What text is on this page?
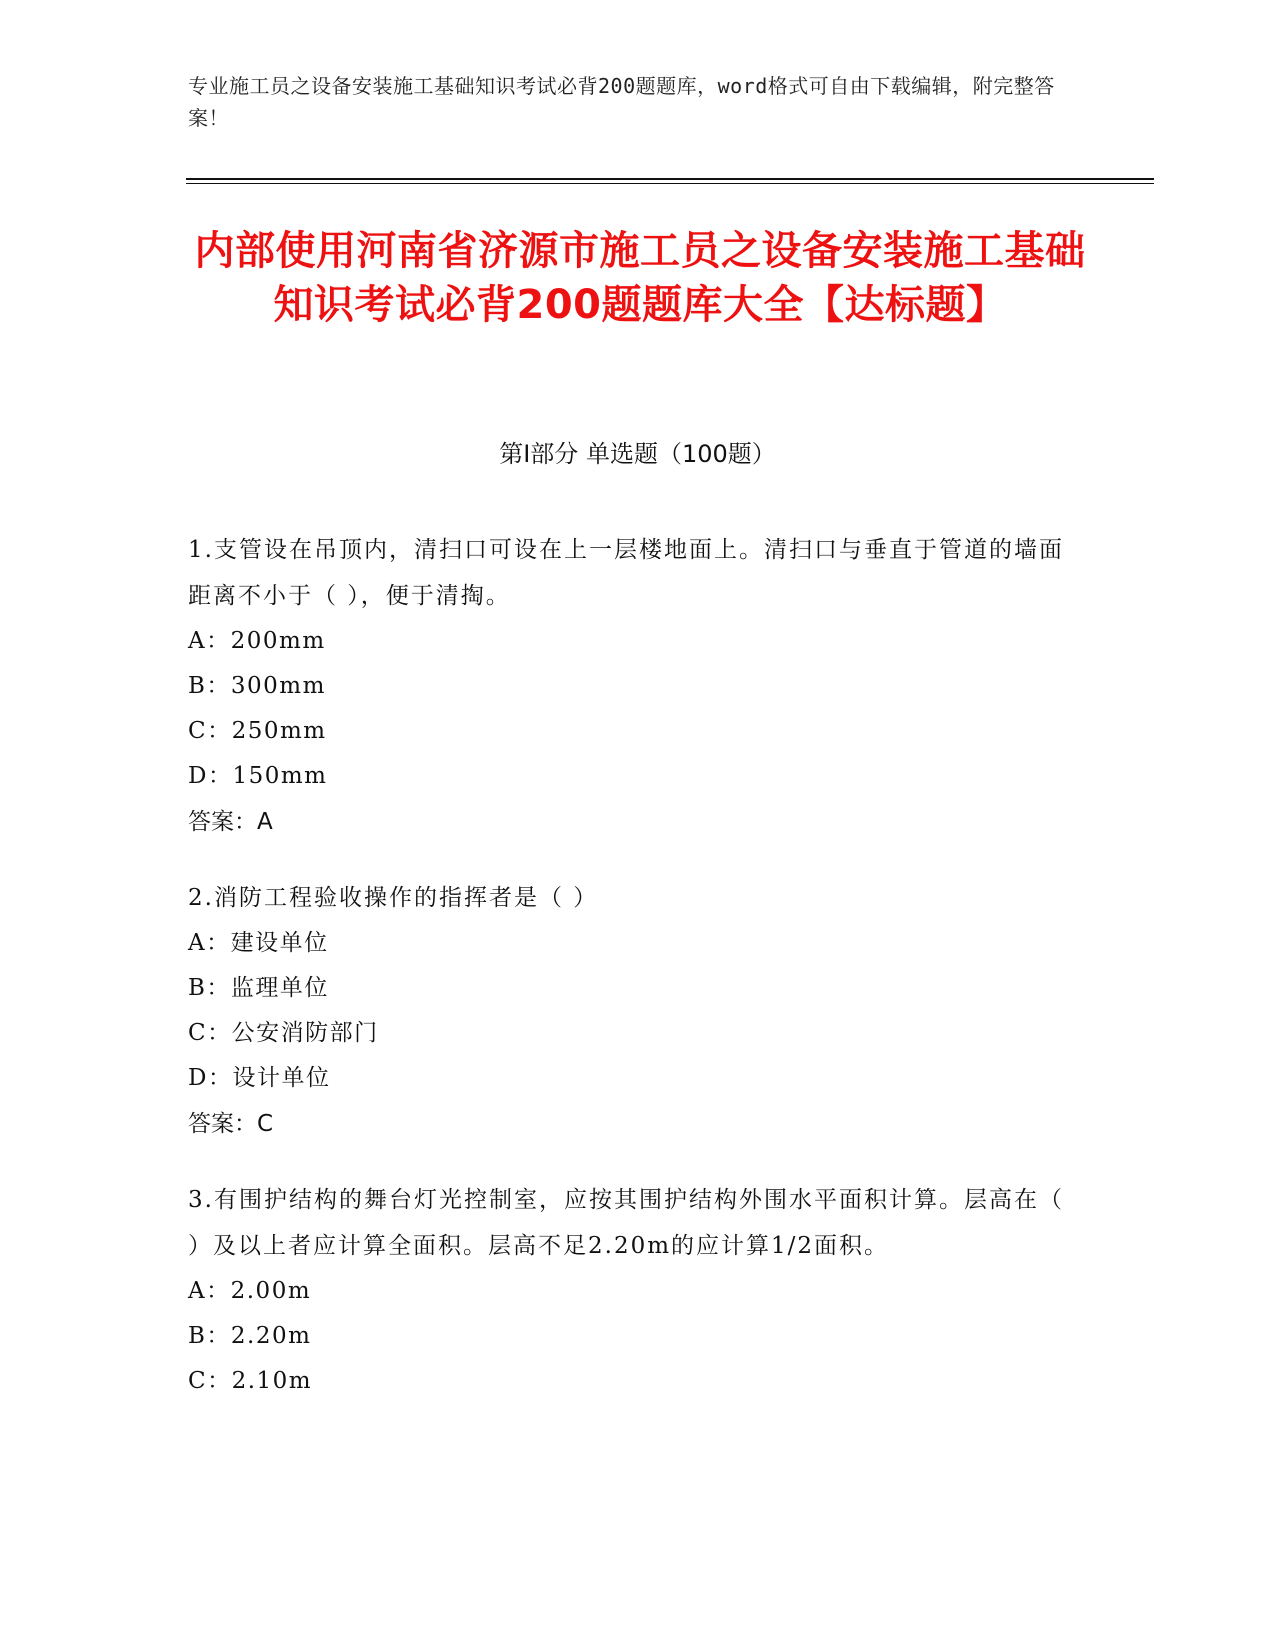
专业施工员之设备安装施工基础知识考试必背200题题库，word格式可自由下载编辑，附完整答案！
内部使用河南省济源市施工员之设备安装施工基础知识考试必背200题题库大全【达标题】
第Ⅰ部分 单选题（100题）

1.支管设在吊顶内，清扫口可设在上一层楼地面上。清扫口与垂直于管道的墙面距离不小于（ ），便于清掏。

A：200mm

B：300mm

C：250mm

D：150mm

答案：A

2.消防工程验收操作的指挥者是（ ）

A：建设单位

B：监理单位

C：公安消防部门

D：设计单位

答案：C

3.有围护结构的舞台灯光控制室，应按其围护结构外围水平面积计算。层高在（ ）及以上者应计算全面积。层高不足2.20m的应计算1/2面积。

A：2.00m

B：2.20m

C：2.10m
